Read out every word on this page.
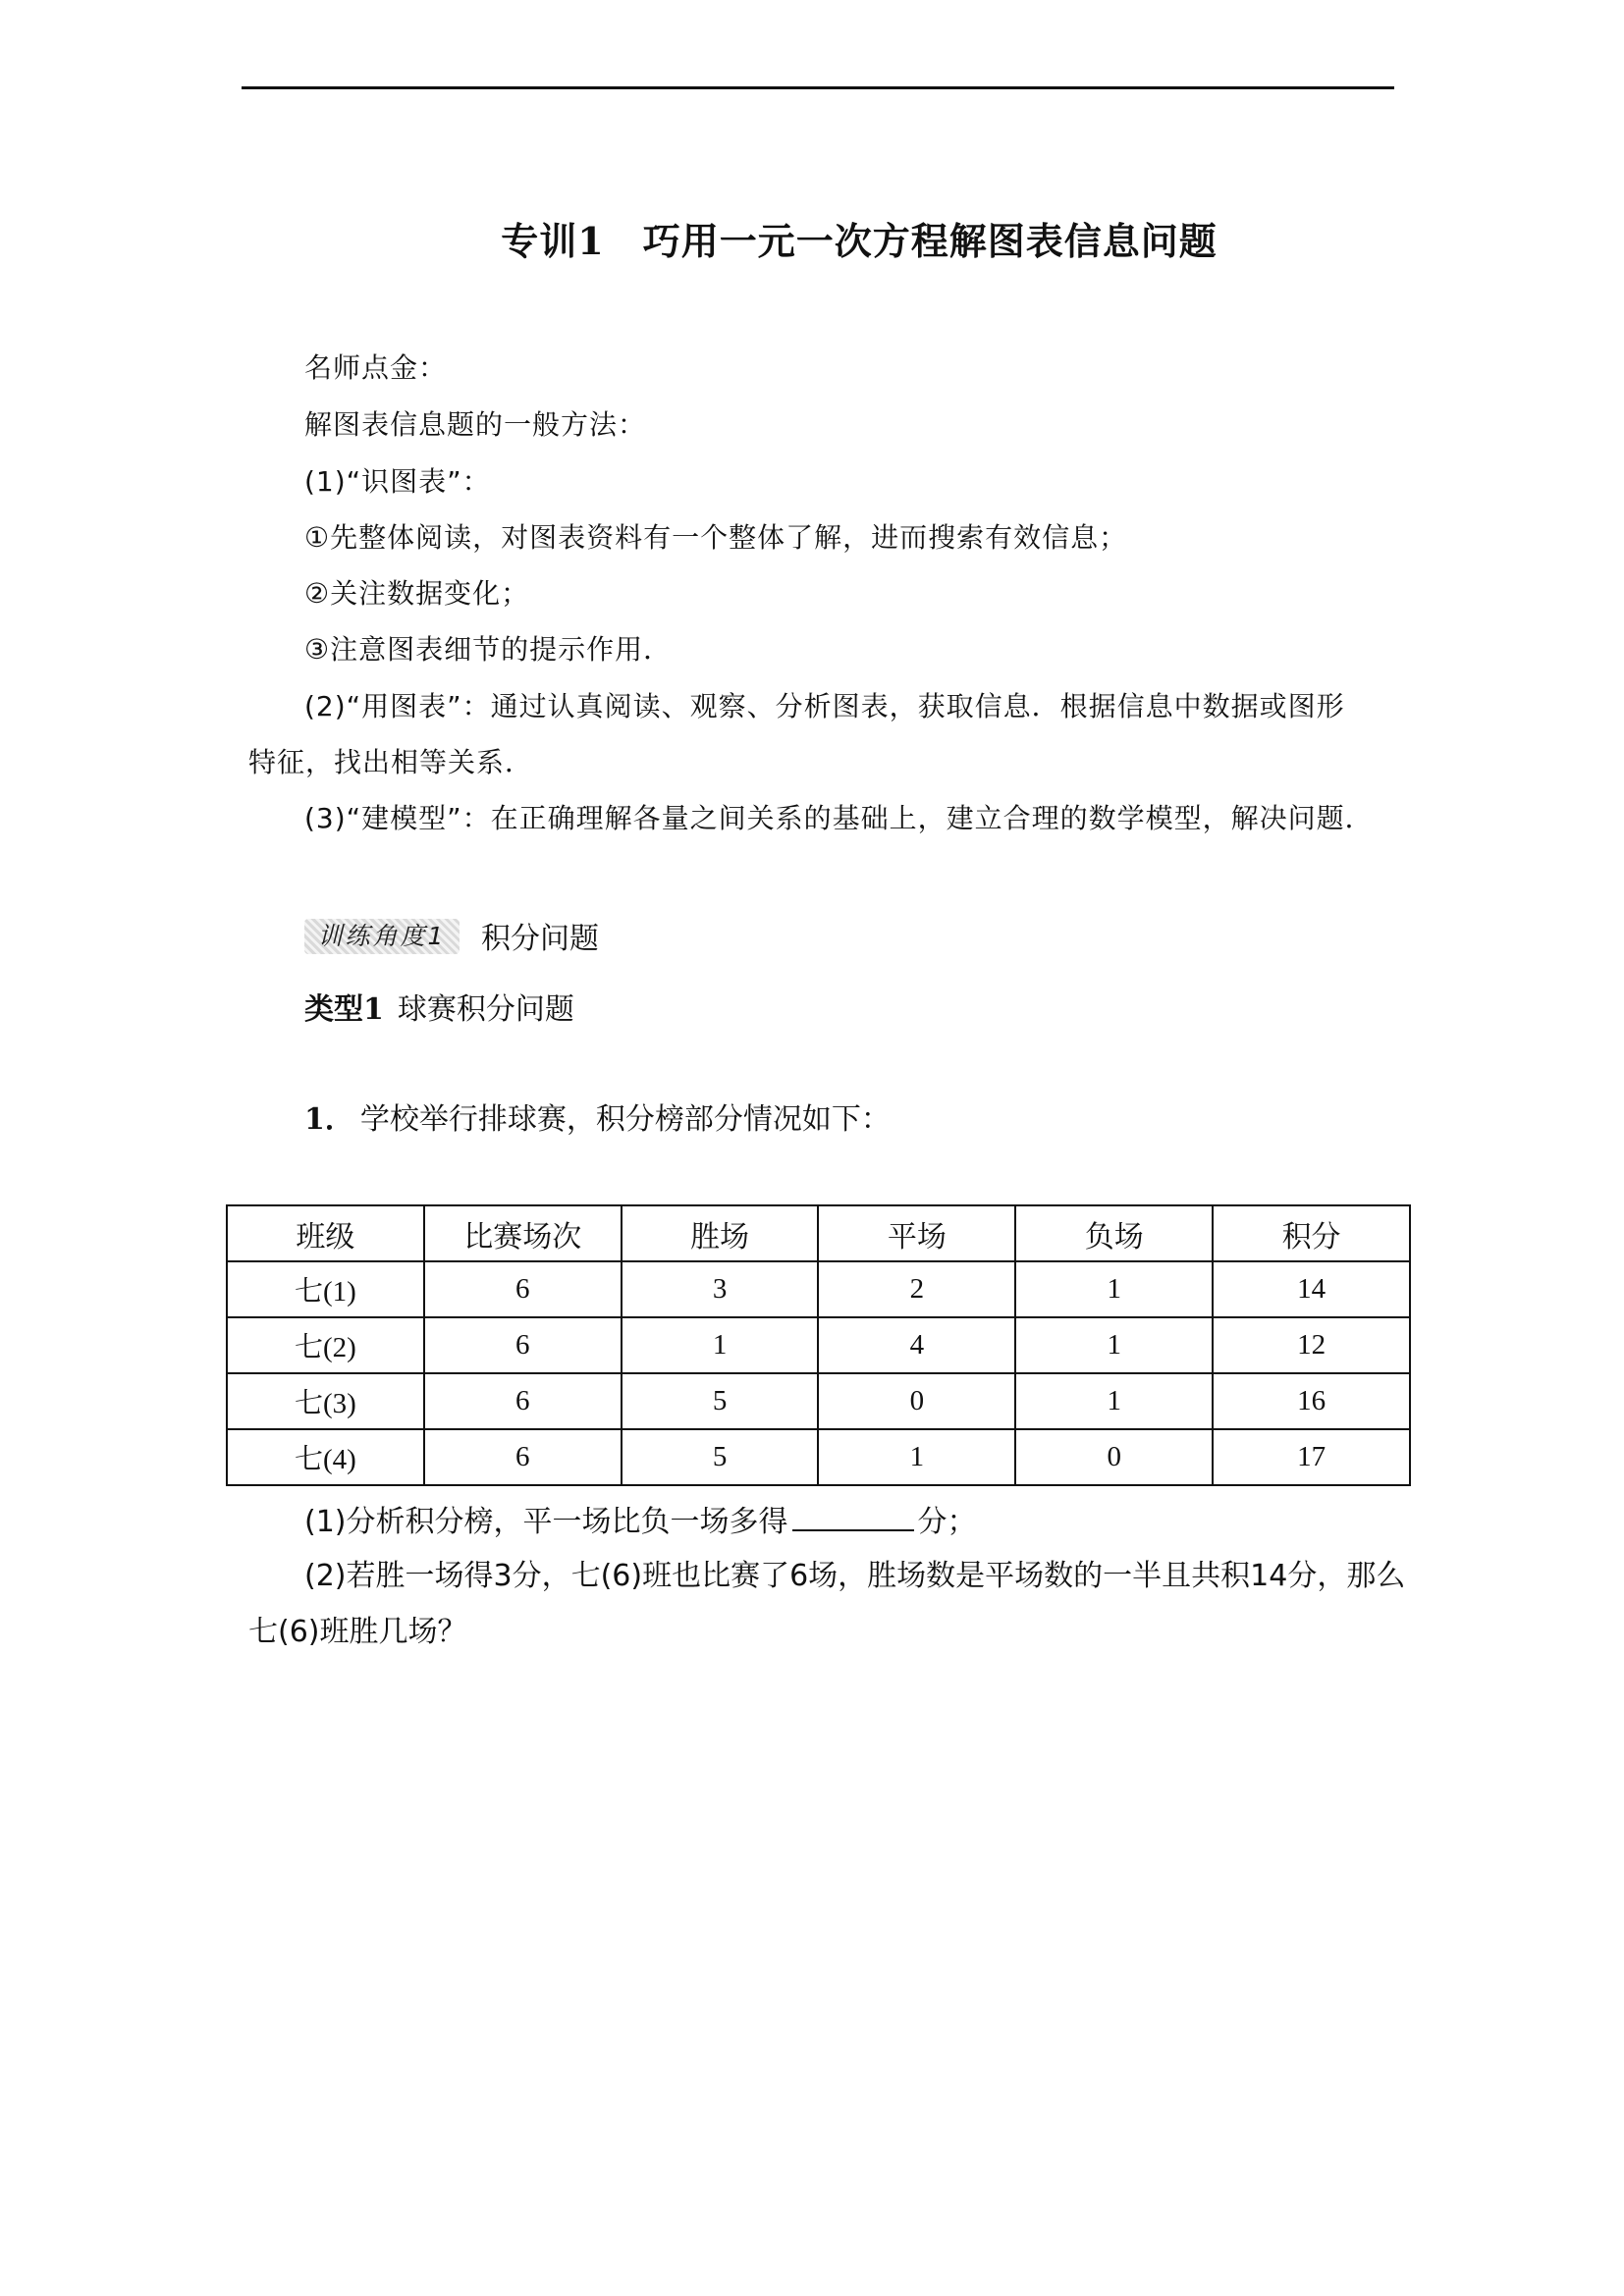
专训1　巧用一元一次方程解图表信息问题
名师点金：
解图表信息题的一般方法：
(1)“识图表”：
①先整体阅读，对图表资料有一个整体了解，进而搜索有效信息；
②关注数据变化；
③注意图表细节的提示作用．
(2)“用图表”：通过认真阅读、观察、分析图表，获取信息．根据信息中数据或图形
特征，找出相等关系．
(3)“建模型”：在正确理解各量之间关系的基础上，建立合理的数学模型，解决问题．
训练角度1	积分问题
类型1 球赛积分问题
1． 学校举行排球赛，积分榜部分情况如下：
班级	比赛场次	胜场	平场	负场	积分
七(1)	6	3	2	1	14
七(2)	6	1	4	1	12
七(3)	6	5	0	1	16
七(4)	6	5	1	0	17
(1)分析积分榜，平一场比负一场多得	分；
(2)若胜一场得3分，七(6)班也比赛了6场，胜场数是平场数的一半且共积14分，那么
七(6)班胜几场？
